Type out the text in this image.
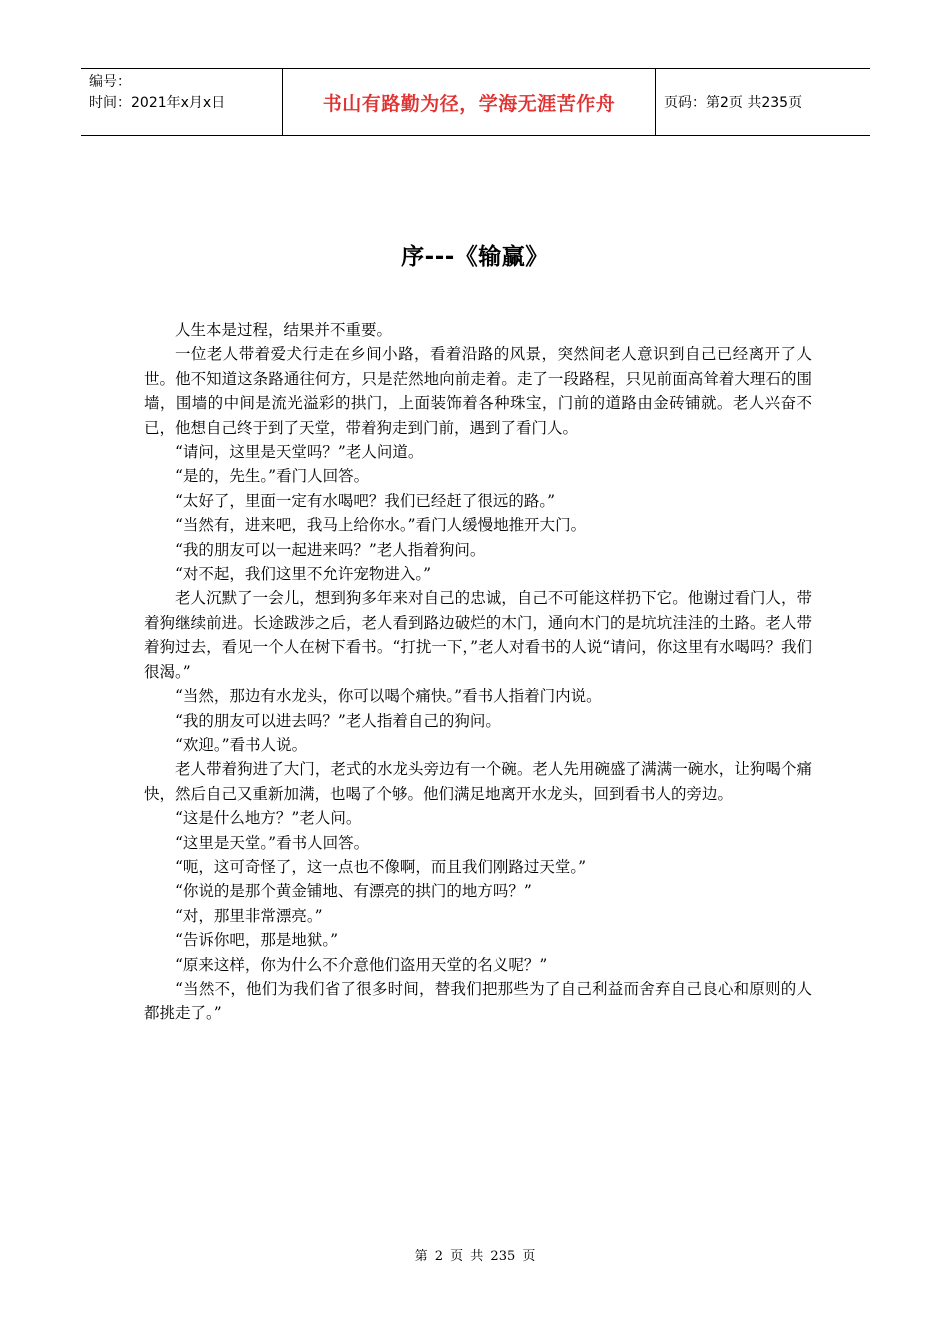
编号：
时间：2021年x月x日	书山有路勤为径，学海无涯苦作舟	页码：第2页 共235页
序---《输赢》

人生本是过程，结果并不重要。

一位老人带着爱犬行走在乡间小路，看着沿路的风景，突然间老人意识到自己已经离开了人世。他不知道这条路通往何方，只是茫然地向前走着。走了一段路程，只见前面高耸着大理石的围墙，围墙的中间是流光溢彩的拱门，上面装饰着各种珠宝，门前的道路由金砖铺就。老人兴奋不已，他想自己终于到了天堂，带着狗走到门前，遇到了看门人。

“请问，这里是天堂吗？”老人问道。

“是的，先生。”看门人回答。

“太好了，里面一定有水喝吧？我们已经赶了很远的路。”

“当然有，进来吧，我马上给你水。”看门人缓慢地推开大门。

“我的朋友可以一起进来吗？”老人指着狗问。

“对不起，我们这里不允许宠物进入。”

老人沉默了一会儿，想到狗多年来对自己的忠诚，自己不可能这样扔下它。他谢过看门人，带着狗继续前进。长途跋涉之后，老人看到路边破烂的木门，通向木门的是坑坑洼洼的土路。老人带着狗过去，看见一个人在树下看书。“打扰一下，”老人对看书的人说“请问，你这里有水喝吗？我们很渴。”

“当然，那边有水龙头，你可以喝个痛快。”看书人指着门内说。

“我的朋友可以进去吗？”老人指着自己的狗问。

“欢迎。”看书人说。

老人带着狗进了大门，老式的水龙头旁边有一个碗。老人先用碗盛了满满一碗水，让狗喝个痛快，然后自己又重新加满，也喝了个够。他们满足地离开水龙头，回到看书人的旁边。

“这是什么地方？”老人问。

“这里是天堂。”看书人回答。

“呃，这可奇怪了，这一点也不像啊，而且我们刚路过天堂。”

“你说的是那个黄金铺地、有漂亮的拱门的地方吗？”

“对，那里非常漂亮。”

“告诉你吧，那是地狱。”

“原来这样，你为什么不介意他们盗用天堂的名义呢？”

“当然不，他们为我们省了很多时间，替我们把那些为了自己利益而舍弃自己良心和原则的人都挑走了。”

第 2 页 共 235 页
